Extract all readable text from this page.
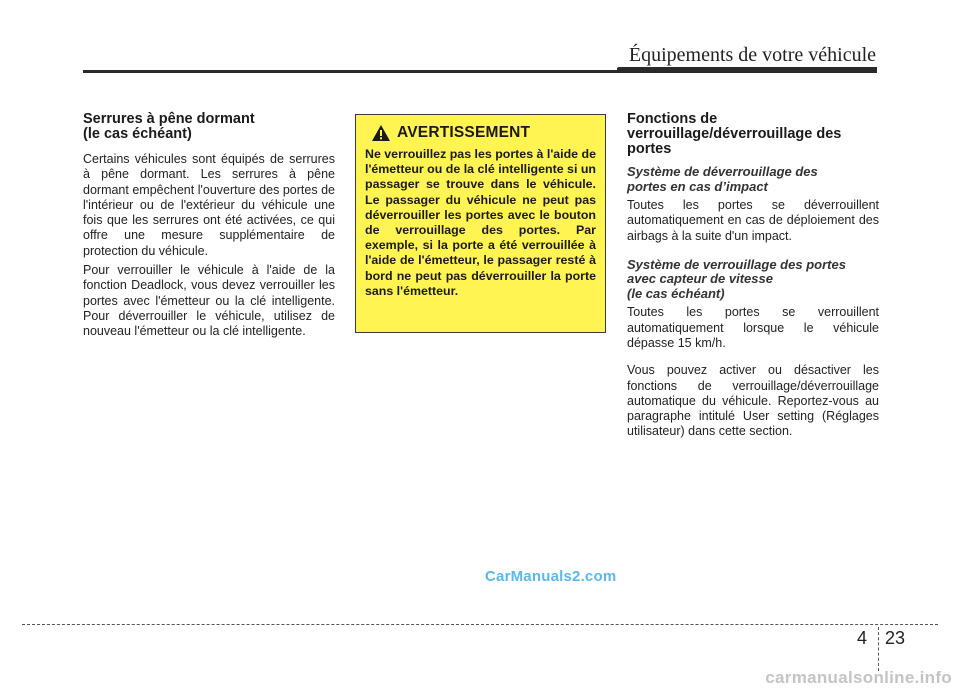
Équipements de votre véhicule
Serrures à pêne dormant
(le cas échéant)

Certains véhicules sont équipés de serrures à pêne dormant. Les serrures à pêne dormant empêchent l'ouverture des portes de l'intérieur ou de l'extérieur du véhicule une fois que les serrures ont été activées, ce qui offre une mesure supplémentaire de protection du véhicule.

Pour verrouiller le véhicule à l'aide de la fonction Deadlock, vous devez verrouiller les portes avec l'émetteur ou la clé intelligente. Pour déverrouiller le véhicule, utilisez de nouveau l'émetteur ou la clé intelligente.

AVERTISSEMENT

Ne verrouillez pas les portes à l'aide de l'émetteur ou de la clé intelligente si un passager se trouve dans le véhicule. Le passager du véhicule ne peut pas déverrouiller les portes avec le bouton de verrouillage des portes. Par exemple, si la porte a été verrouillée à l'aide de l'émetteur, le passager resté à bord ne peut pas déverrouiller la porte sans l'émetteur.

Fonctions de
verrouillage/déverrouillage des
portes
Système de déverrouillage des
portes en cas d’impact

Toutes les portes se déverrouillent automatiquement en cas de déploiement des airbags à la suite d'un impact.

Système de verrouillage des portes
avec capteur de vitesse
(le cas échéant)

Toutes les portes se verrouillent automatiquement lorsque le véhicule dépasse 15 km/h.

Vous pouvez activer ou désactiver les fonctions de verrouillage/déverrouillage automatique du véhicule. Reportez-vous au paragraphe intitulé User setting (Réglages utilisateur) dans cette section.

CarManuals2.com
4 23
carmanualsonline.info
